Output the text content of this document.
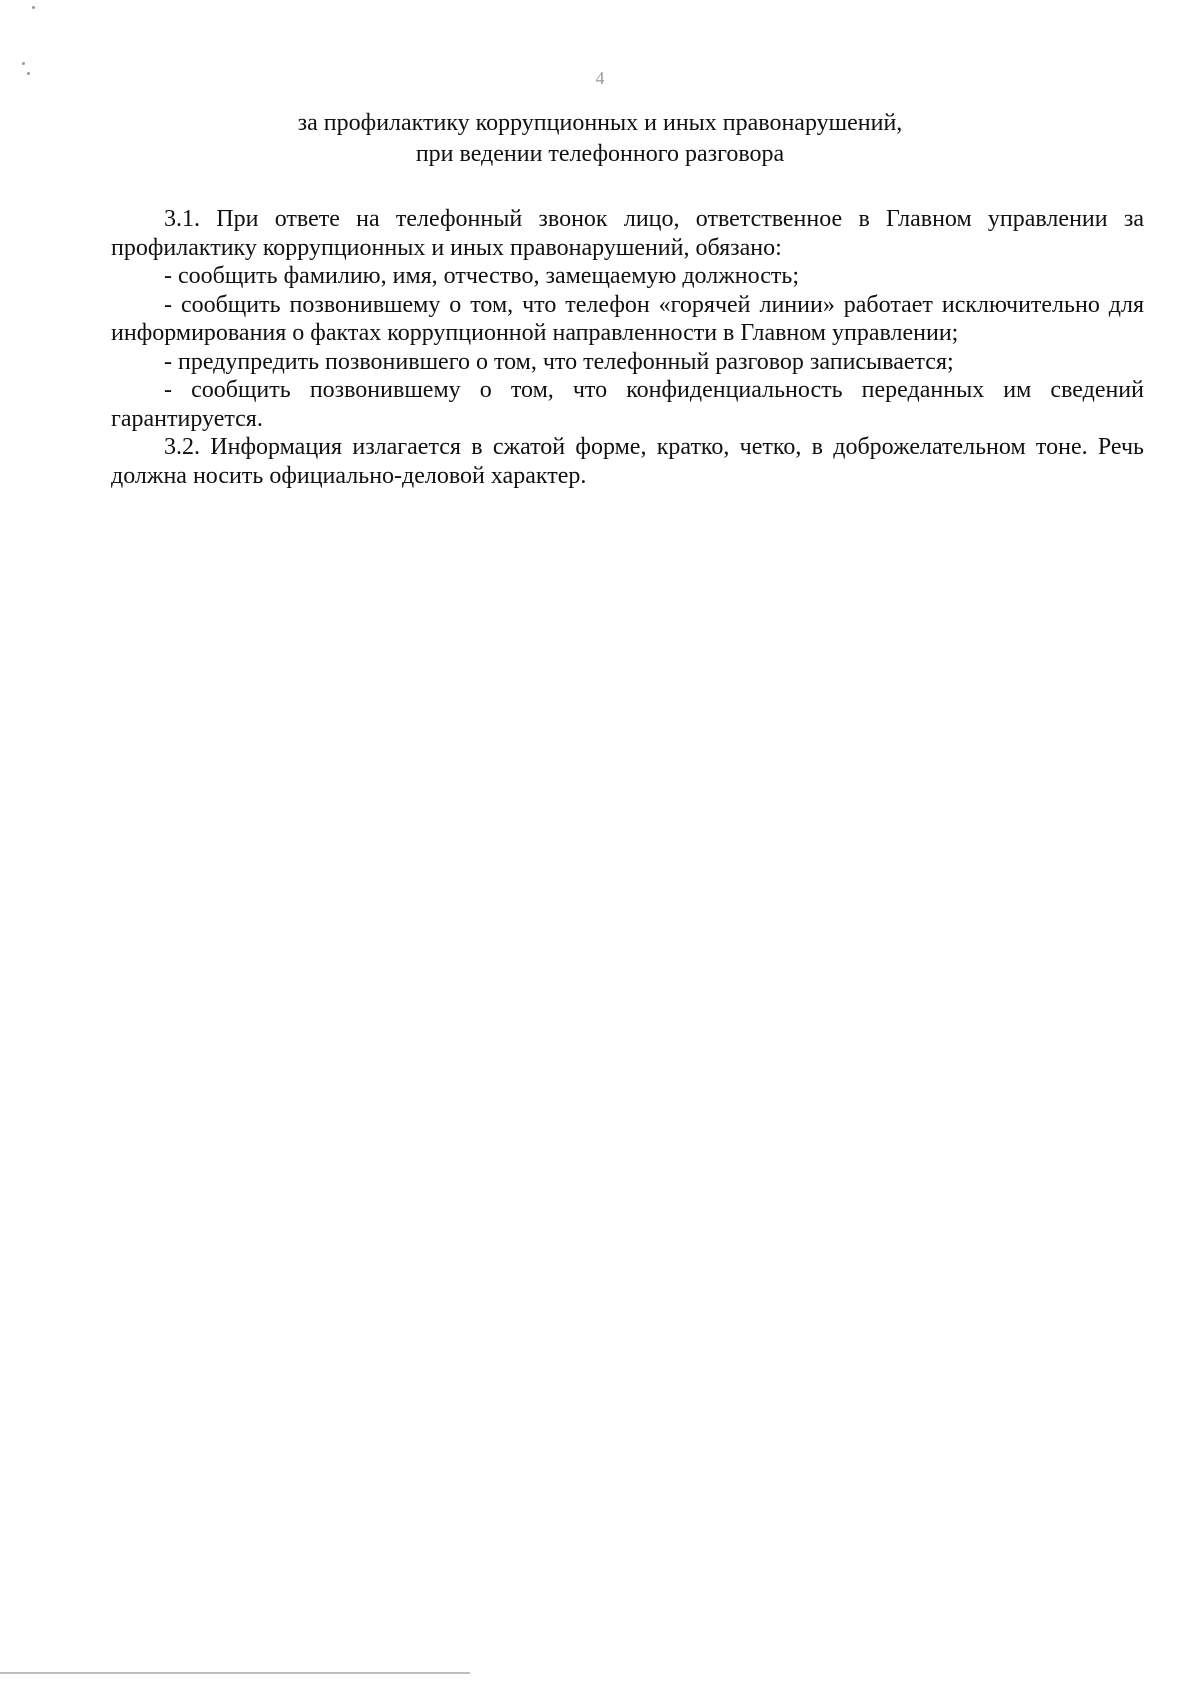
4
за профилактику коррупционных и иных правонарушений,
при ведении телефонного разговора

3.1. При ответе на телефонный звонок лицо, ответственное в Главном управлении за профилактику коррупционных и иных правонарушений, обязано:

- сообщить фамилию, имя, отчество, замещаемую должность;

- сообщить позвонившему о том, что телефон «горячей линии» работает исключительно для информирования о фактах коррупционной направленности в Главном управлении;

- предупредить позвонившего о том, что телефонный разговор записывается;

- сообщить позвонившему о том, что конфиденциальность переданных им сведений гарантируется.

3.2. Информация излагается в сжатой форме, кратко, четко, в доброжелательном тоне. Речь должна носить официально-деловой характер.
